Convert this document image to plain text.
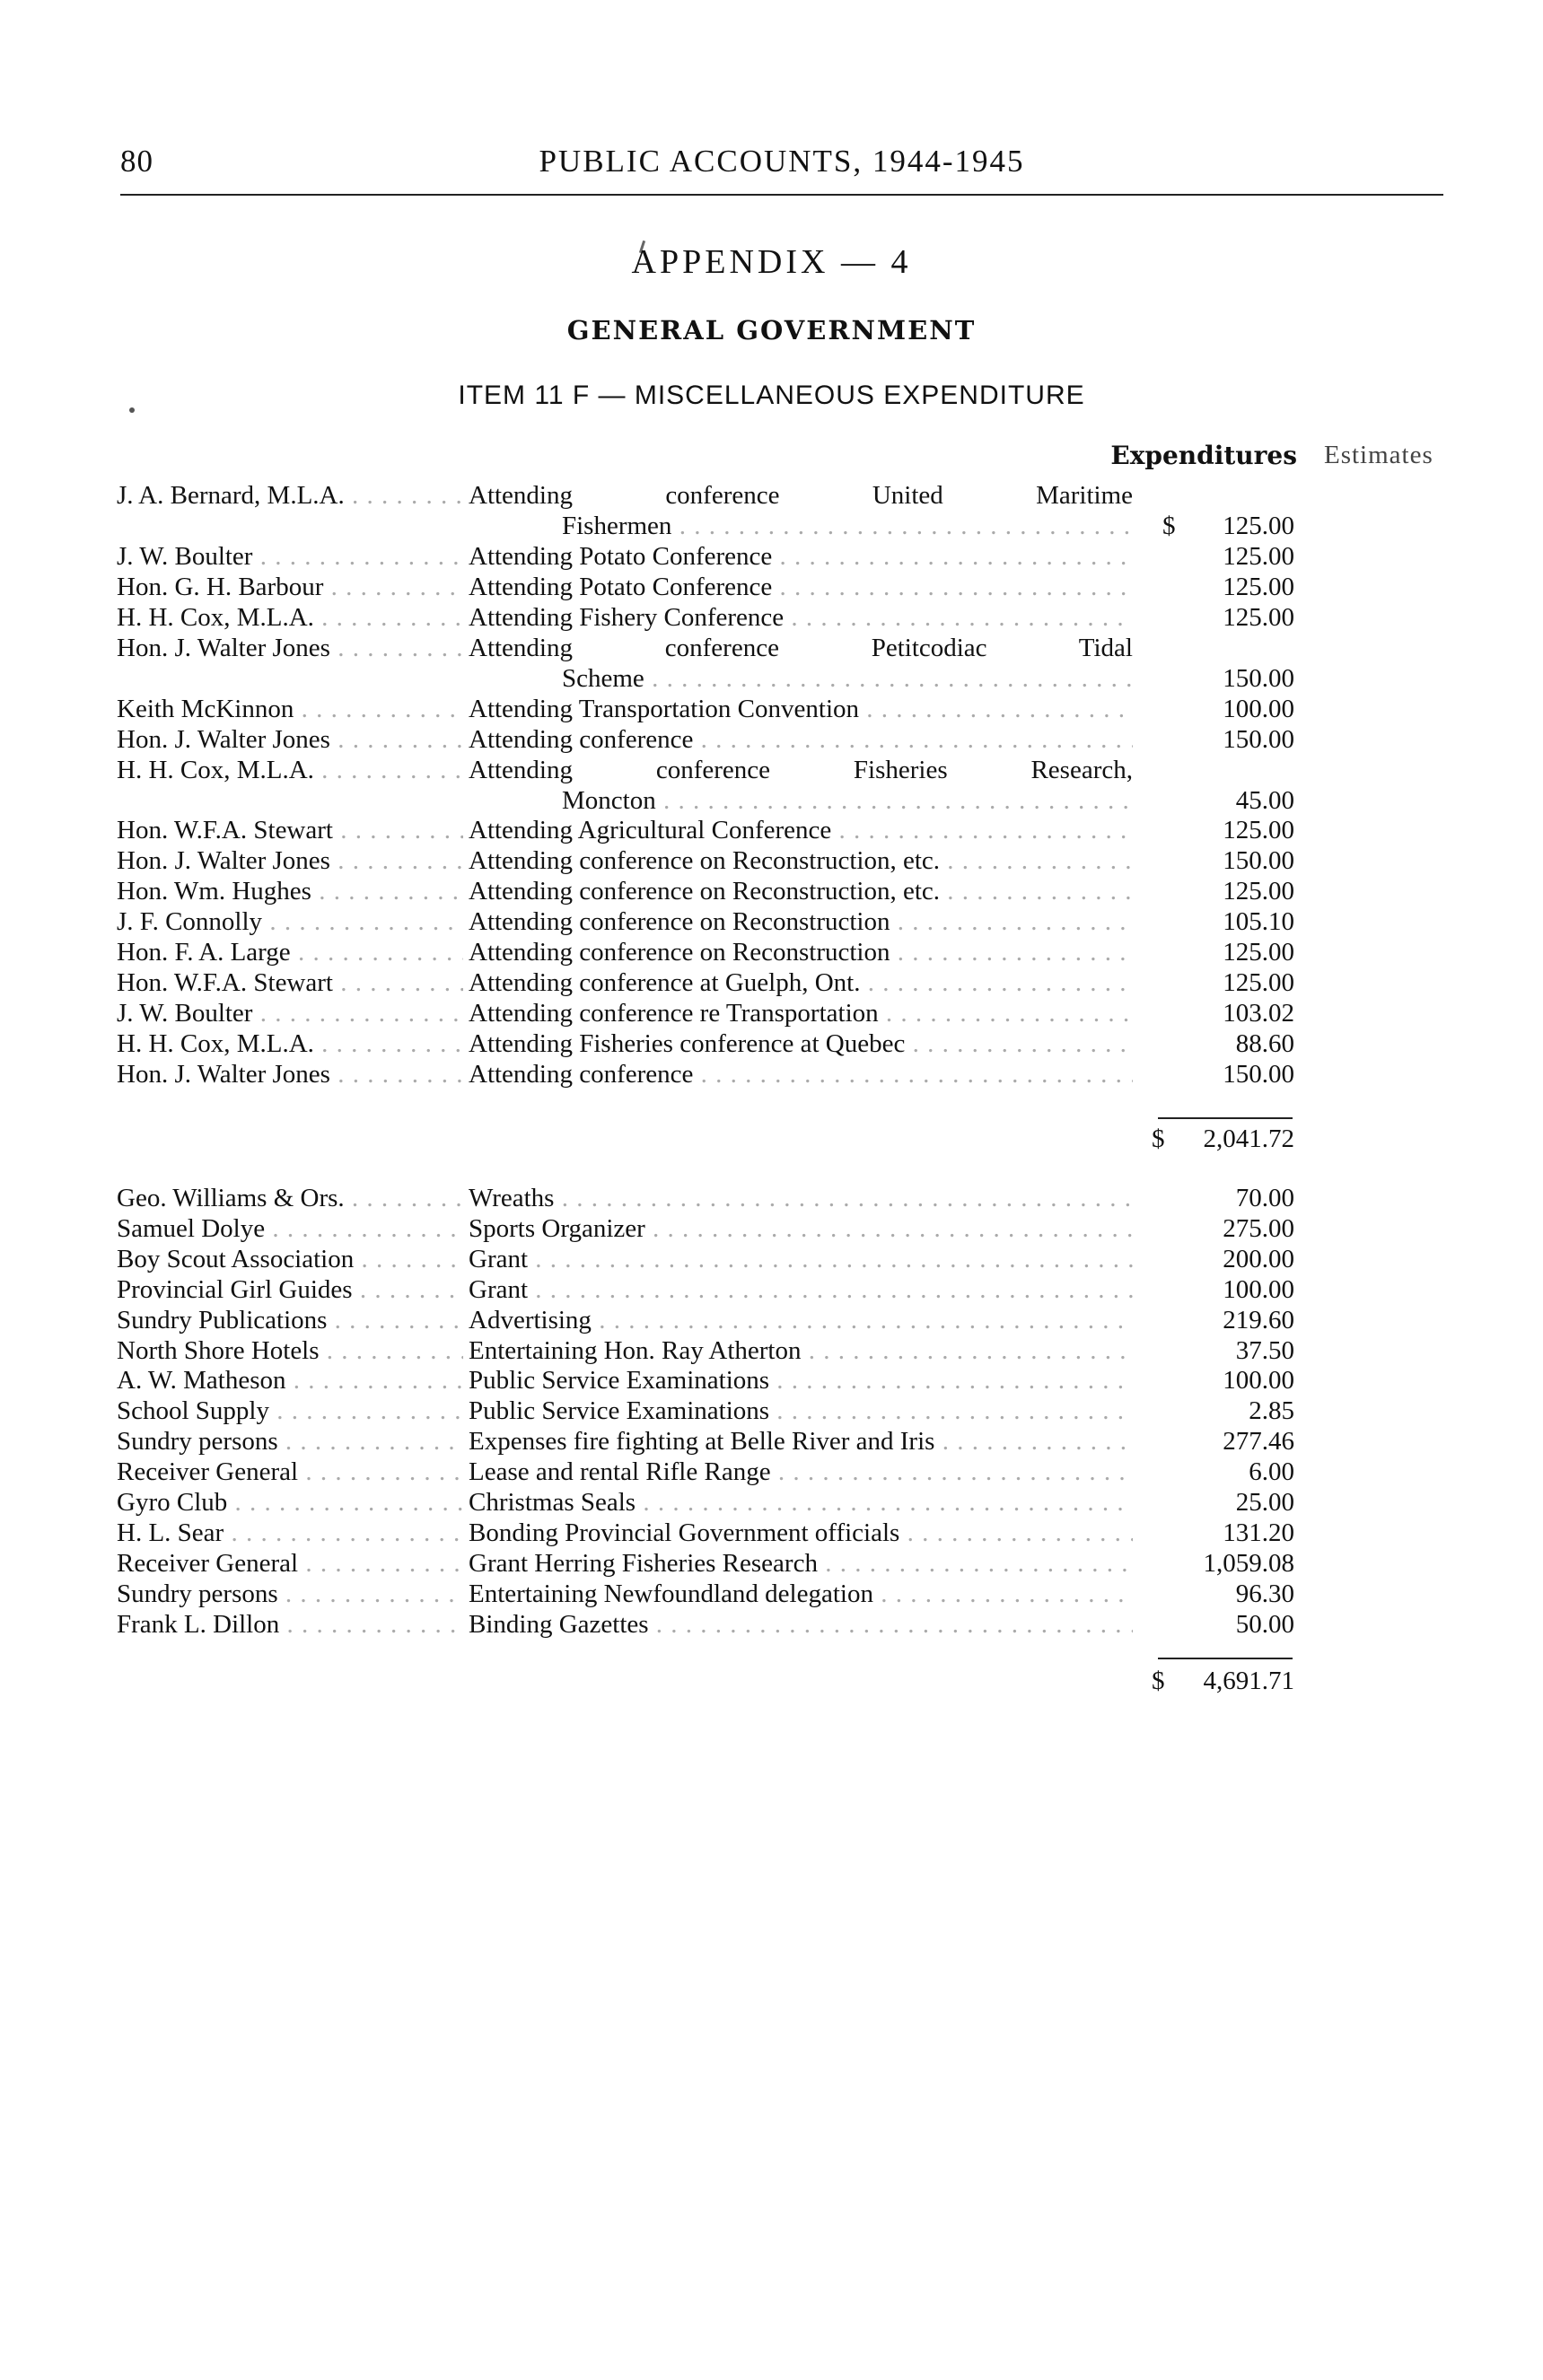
80	PUBLIC ACCOUNTS, 1944-1945
APPENDIX — 4
GENERAL GOVERNMENT
ITEM 11 F — MISCELLANEOUS EXPENDITURE
Expenditures Estimates
J. A. Bernard, M.L.A. . . .	Attending conference United Maritime
Fishermen . . .	$	125.00
J. W. Boulter . . .	Attending Potato Conference . . .	125.00
Hon. G. H. Barbour . . .	Attending Potato Conference . . .	125.00
H. H. Cox, M.L.A. . . .	Attending Fishery Conference . . .	125.00
Hon. J. Walter Jones . . .	Attending conference Petitcodiac Tidal
Scheme . . .	150.00
Keith McKinnon . . .	Attending Transportation Convention . . .	100.00
Hon. J. Walter Jones . . .	Attending conference . . .	150.00
H. H. Cox, M.L.A. . . .	Attending conference Fisheries Research,
Moncton . . .	45.00
Hon. W.F.A. Stewart . . .	Attending Agricultural Conference . . .	125.00
Hon. J. Walter Jones . . .	Attending conference on Reconstruction, etc. . . .	150.00
Hon. Wm. Hughes . . .	Attending conference on Reconstruction, etc. . . .	125.00
J. F. Connolly . . .	Attending conference on Reconstruction . . .	105.10
Hon. F. A. Large . . .	Attending conference on Reconstruction . . .	125.00
Hon. W.F.A. Stewart . . .	Attending conference at Guelph, Ont. . . .	125.00
J. W. Boulter . . .	Attending conference re Transportation . . .	103.02
H. H. Cox, M.L.A. . . .	Attending Fisheries conference at Quebec . . .	88.60
Hon. J. Walter Jones . . .	Attending conference . . .	150.00
Geo. Williams & Ors. . . .	Wreaths . . .	70.00
Samuel Dolye . . .	Sports Organizer . . .	275.00
Boy Scout Association . . .	Grant . . .	200.00
Provincial Girl Guides . . .	Grant . . .	100.00
Sundry Publications . . .	Advertising . . .	219.60
North Shore Hotels . . .	Entertaining Hon. Ray Atherton . . .	37.50
A. W. Matheson . . .	Public Service Examinations . . .	100.00
School Supply . . .	Public Service Examinations . . .	2.85
Sundry persons . . .	Expenses fire fighting at Belle River and Iris . . .	277.46
Receiver General . . .	Lease and rental Rifle Range . . .	6.00
Gyro Club . . .	Christmas Seals . . .	25.00
H. L. Sear . . .	Bonding Provincial Government officials . . .	131.20
Receiver General . . .	Grant Herring Fisheries Research . . .	1,059.08
Sundry persons . . .	Entertaining Newfoundland delegation . . .	96.30
Frank L. Dillon . . .	Binding Gazettes . . .	50.00
$	2,041.72
$	4,691.71
